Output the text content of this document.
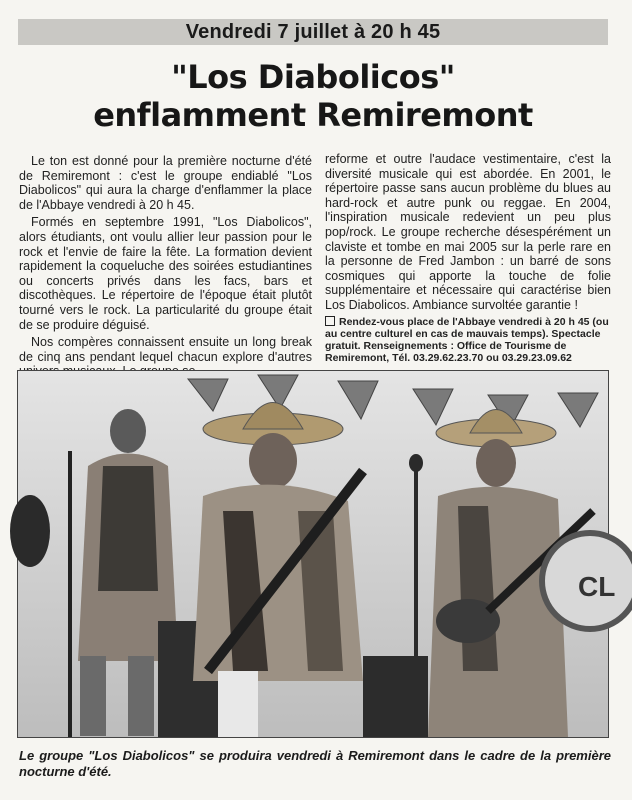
Vendredi 7 juillet à 20 h 45
"Los Diabolicos"
enflamment Remiremont

Le ton est donné pour la première nocturne d'été de Remiremont : c'est le groupe endiablé "Los Diabolicos" qui aura la charge d'enflammer la place de l'Abbaye vendredi à 20 h 45.

Formés en septembre 1991, "Los Diabolicos", alors étudiants, ont voulu allier leur passion pour le rock et l'envie de faire la fête. La formation devient rapidement la coqueluche des soirées estudiantines ou concerts privés dans les facs, bars et discothèques. Le répertoire de l'époque était plutôt tourné vers le rock. La particularité du groupe était de se produire déguisé.

Nos compères connaissent ensuite un long break de cinq ans pendant lequel chacun explore d'autres

reforme et outre l'audace vestimentaire, c'est la diversité musicale qui est abordée. En 2001, le répertoire passe sans aucun problème du blues au hard-rock et autre punk ou reggae. En 2004, l'inspiration musicale redevient un peu plus pop/rock. Le groupe recherche désespérément un claviste et tombe en mai 2005 sur la perle rare en la personne de Fred Jambon : un barré de sons cosmiques qui apporte la touche de folie supplémentaire et nécessaire qui caractérise bien Los Diabolicos. Ambiance survoltée garantie !

Rendez-vous place de l'Abbaye vendredi à 20 h 45 (ou au centre culturel en cas de mauvais temps). Spectacle gratuit. Renseignements : Office de Tourisme de Remiremont, Tél. 03.29.62.23.70 ou 03.29.23.09.62
CL
Le groupe "Los Diabolicos" se produira vendredi à Remiremont dans le cadre de la première nocturne d'été.
